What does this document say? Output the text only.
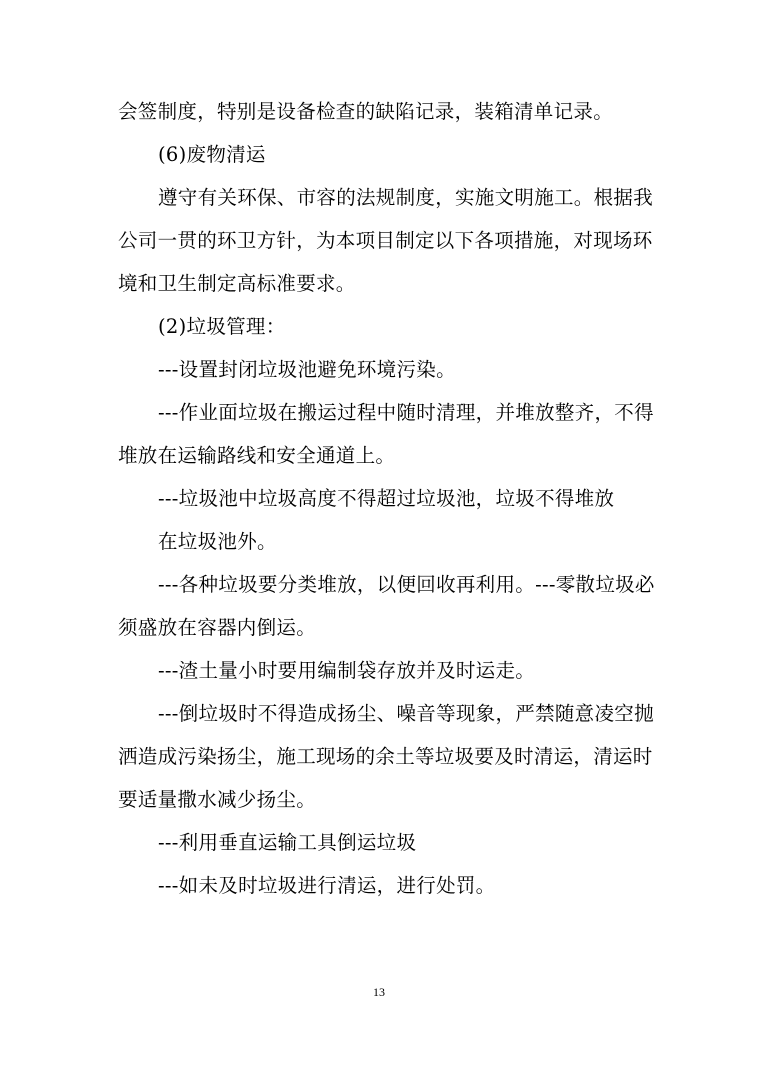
会签制度，特别是设备检查的缺陷记录，装箱清单记录。
(6)废物清运
遵守有关环保、市容的法规制度，实施文明施工。根据我
公司一贯的环卫方针，为本项目制定以下各项措施，对现场环
境和卫生制定高标准要求。
(2)垃圾管理：
---设置封闭垃圾池避免环境污染。
---作业面垃圾在搬运过程中随时清理，并堆放整齐，不得
堆放在运输路线和安全通道上。
---垃圾池中垃圾高度不得超过垃圾池，垃圾不得堆放
在垃圾池外。
---各种垃圾要分类堆放，以便回收再利用。---零散垃圾必
须盛放在容器内倒运。
---渣土量小时要用编制袋存放并及时运走。
---倒垃圾时不得造成扬尘、噪音等现象，严禁随意凌空抛
洒造成污染扬尘，施工现场的余土等垃圾要及时清运，清运时
要适量撒水减少扬尘。
---利用垂直运输工具倒运垃圾
---如未及时垃圾进行清运，进行处罚。
13
